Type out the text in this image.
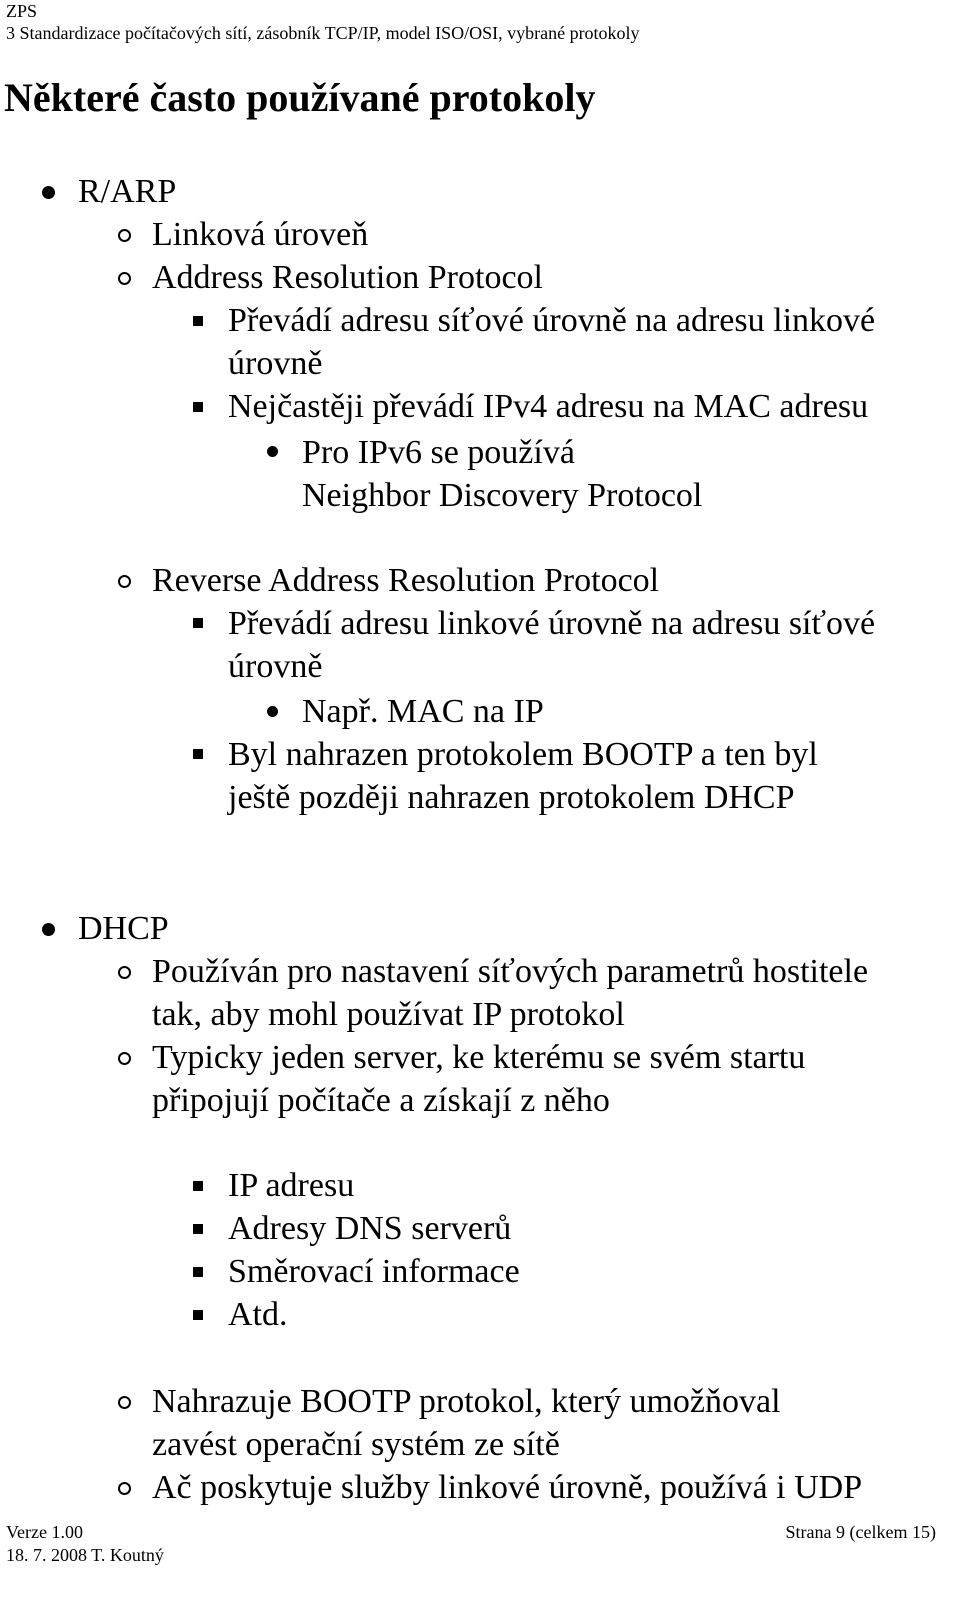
ZPS
3 Standardizace počítačových sítí, zásobník TCP/IP, model ISO/OSI, vybrané protokoly
Některé často používané protokoly
R/ARP
Linková úroveň
Address Resolution Protocol
Převádí adresu síťové úrovně na adresu linkové
úrovně
Nejčastěji převádí IPv4 adresu na MAC adresu
Pro IPv6 se používá
Neighbor Discovery Protocol
Reverse Address Resolution Protocol
Převádí adresu linkové úrovně na adresu síťové
úrovně
Např. MAC na IP
Byl nahrazen protokolem BOOTP a ten byl
ještě později nahrazen protokolem DHCP
DHCP
Používán pro nastavení síťových parametrů hostitele
tak, aby mohl používat IP protokol
Typicky jeden server, ke kterému se svém startu
připojují počítače a získají z něho
IP adresu
Adresy DNS serverů
Směrovací informace
Atd.
Nahrazuje BOOTP protokol, který umožňoval
zavést operační systém ze sítě
Ač poskytuje služby linkové úrovně, používá i UDP
Verze 1.00
18. 7. 2008 T. Koutný
Strana 9 (celkem 15)
